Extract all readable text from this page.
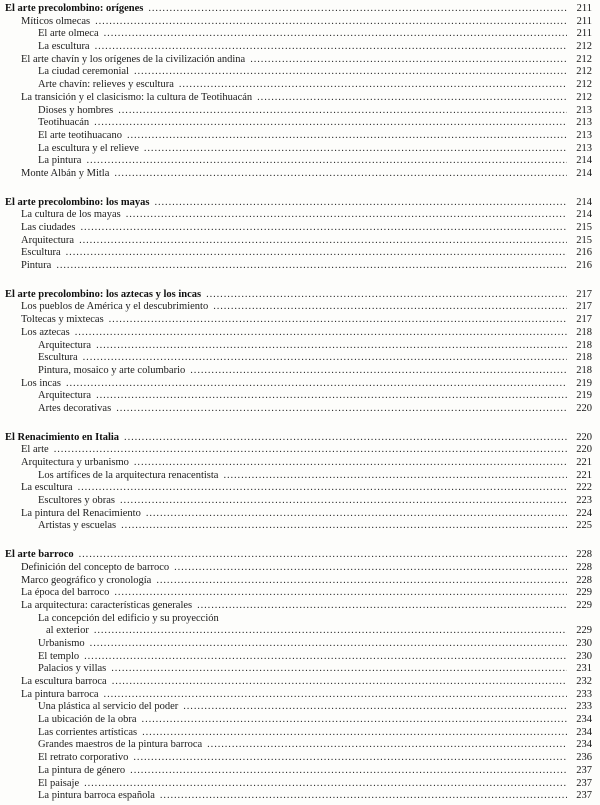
El arte precolombino: orígenes .....	211
Míticos olmecas .....	211
El arte olmeca .....	211
La escultura .....	212
El arte chavín y los orígenes de la civilización andina .....	212
La ciudad ceremonial .....	212
Arte chavín: relieves y escultura .....	212
La transición y el clasicismo: la cultura de Teotihuacán .....	212
Dioses y hombres .....	213
Teotihuacán .....	213
El arte teotihuacano .....	213
La escultura y el relieve .....	213
La pintura .....	214
Monte Albán y Mitla .....	214
El arte precolombino: los mayas .....	214
La cultura de los mayas .....	214
Las ciudades .....	215
Arquitectura .....	215
Escultura .....	216
Pintura .....	216
El arte precolombino: los aztecas y los incas .....	217
Los pueblos de América y el descubrimiento .....	217
Toltecas y mixtecas .....	217
Los aztecas .....	218
Arquitectura .....	218
Escultura .....	218
Pintura, mosaico y arte columbario .....	218
Los incas .....	219
Arquitectura .....	219
Artes decorativas .....	220
El Renacimiento en Italia .....	220
El arte .....	220
Arquitectura y urbanismo .....	221
Los artífices de la arquitectura renacentista .....	221
La escultura .....	222
Escultores y obras .....	223
La pintura del Renacimiento .....	224
Artistas y escuelas .....	225
El arte barroco .....	228
Definición del concepto de barroco .....	228
Marco geográfico y cronología .....	228
La época del barroco .....	229
La arquitectura: características generales .....	229
La concepción del edificio y su proyección
al exterior .....	229
Urbanismo .....	230
El templo .....	230
Palacios y villas .....	231
La escultura barroca .....	232
La pintura barroca .....	233
Una plástica al servicio del poder .....	233
La ubicación de la obra .....	234
Las corrientes artísticas .....	234
Grandes maestros de la pintura barroca .....	234
El retrato corporativo .....	236
La pintura de género .....	237
El paisaje .....	237
La pintura barroca española .....	237
